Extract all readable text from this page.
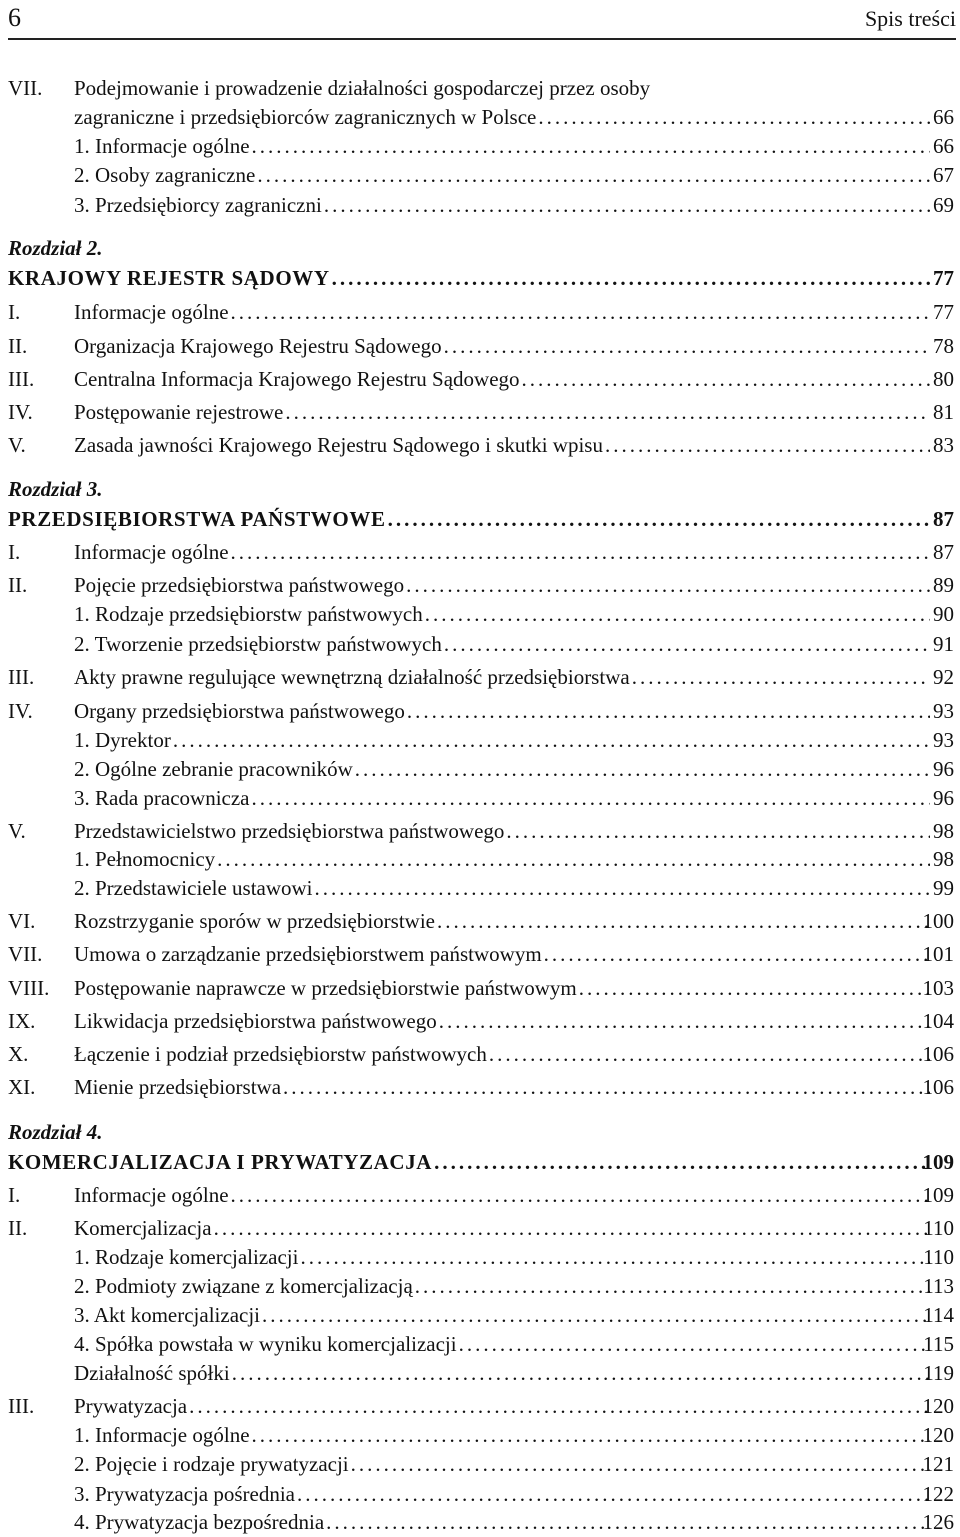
6	Spis treści
VII. Podejmowanie i prowadzenie działalności gospodarczej przez osoby
zagraniczne i przedsiębiorców zagranicznych w Polsce .....	66
1. Informacje ogólne .....	66
2. Osoby zagraniczne .....	67
3. Przedsiębiorcy zagraniczni .....	69
Rozdział 2.
KRAJOWY REJESTR SĄDOWY .....	77
I.	Informacje ogólne .....	77
II. Organizacja Krajowego Rejestru Sądowego .....	78
III. Centralna Informacja Krajowego Rejestru Sądowego .....	80
IV. Postępowanie rejestrowe .....	81
V. Zasada jawności Krajowego Rejestru Sądowego i skutki wpisu .....	83
Rozdział 3.
PRZEDSIĘBIORSTWA PAŃSTWOWE .....	87
I.	Informacje ogólne .....	87
II. Pojęcie przedsiębiorstwa państwowego .....	89
1. Rodzaje przedsiębiorstw państwowych .....	90
2. Tworzenie przedsiębiorstw państwowych .....	91
III. Akty prawne regulujące wewnętrzną działalność przedsiębiorstwa .....	92
IV. Organy przedsiębiorstwa państwowego .....	93
1. Dyrektor .....	93
2. Ogólne zebranie pracowników .....	96
3. Rada pracownicza .....	96
V. Przedstawicielstwo przedsiębiorstwa państwowego .....	98
1. Pełnomocnicy .....	98
2. Przedstawiciele ustawowi .....	99
VI. Rozstrzyganie sporów w przedsiębiorstwie .....	100
VII. Umowa o zarządzanie przedsiębiorstwem państwowym .....	101
VIII. Postępowanie naprawcze w przedsiębiorstwie państwowym .....	103
IX. Likwidacja przedsiębiorstwa państwowego .....	104
X. Łączenie i podział przedsiębiorstw państwowych .....	106
XI. Mienie przedsiębiorstwa .....	106
Rozdział 4.
KOMERCJALIZACJA I PRYWATYZACJA .....	109
I.	Informacje ogólne .....	109
II. Komercjalizacja .....	110
1. Rodzaje komercjalizacji .....	110
2. Podmioty związane z komercjalizacją .....	113
3. Akt komercjalizacji .....	114
4. Spółka powstała w wyniku komercjalizacji .....	115
Działalność spółki .....	119
III. Prywatyzacja .....	120
1. Informacje ogólne .....	120
2. Pojęcie i rodzaje prywatyzacji .....	121
3. Prywatyzacja pośrednia .....	122
4. Prywatyzacja bezpośrednia .....	126
